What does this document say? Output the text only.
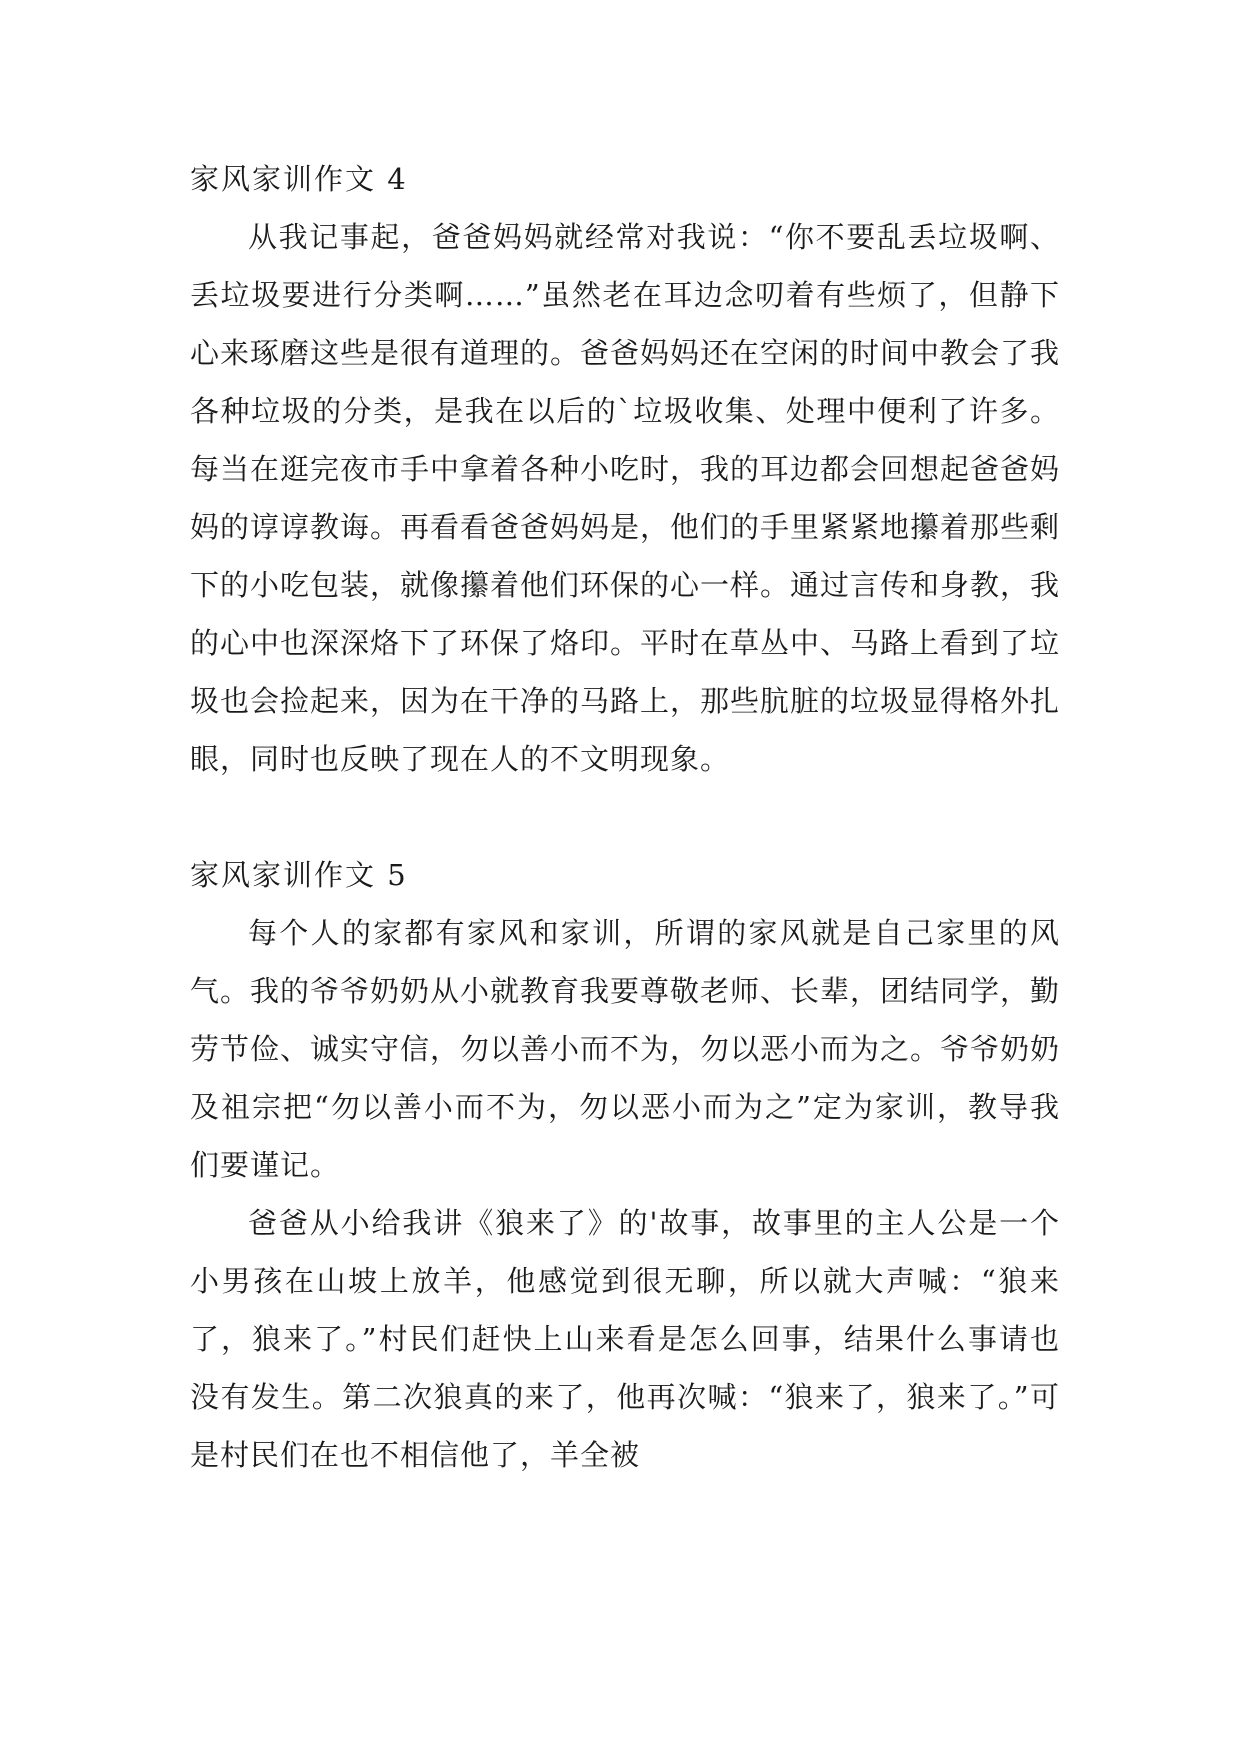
家风家训作文 4

从我记事起，爸爸妈妈就经常对我说：“你不要乱丢垃圾啊、丢垃圾要进行分类啊……”虽然老在耳边念叨着有些烦了，但静下心来琢磨这些是很有道理的。爸爸妈妈还在空闲的时间中教会了我各种垃圾的分类，是我在以后的`垃圾收集、处理中便利了许多。每当在逛完夜市手中拿着各种小吃时，我的耳边都会回想起爸爸妈妈的谆谆教诲。再看看爸爸妈妈是，他们的手里紧紧地攥着那些剩下的小吃包装，就像攥着他们环保的心一样。通过言传和身教，我的心中也深深烙下了环保了烙印。平时在草丛中、马路上看到了垃圾也会捡起来，因为在干净的马路上，那些肮脏的垃圾显得格外扎眼，同时也反映了现在人的不文明现象。

家风家训作文 5

每个人的家都有家风和家训，所谓的家风就是自己家里的风气。我的爷爷奶奶从小就教育我要尊敬老师、长辈，团结同学，勤劳节俭、诚实守信，勿以善小而不为，勿以恶小而为之。爷爷奶奶及祖宗把“勿以善小而不为，勿以恶小而为之”定为家训，教导我们要谨记。

爸爸从小给我讲《狼来了》的'故事，故事里的主人公是一个小男孩在山坡上放羊，他感觉到很无聊，所以就大声喊：“狼来了，狼来了。”村民们赶快上山来看是怎么回事，结果什么事请也没有发生。第二次狼真的来了，他再次喊：“狼来了，狼来了。”可是村民们在也不相信他了，羊全被
